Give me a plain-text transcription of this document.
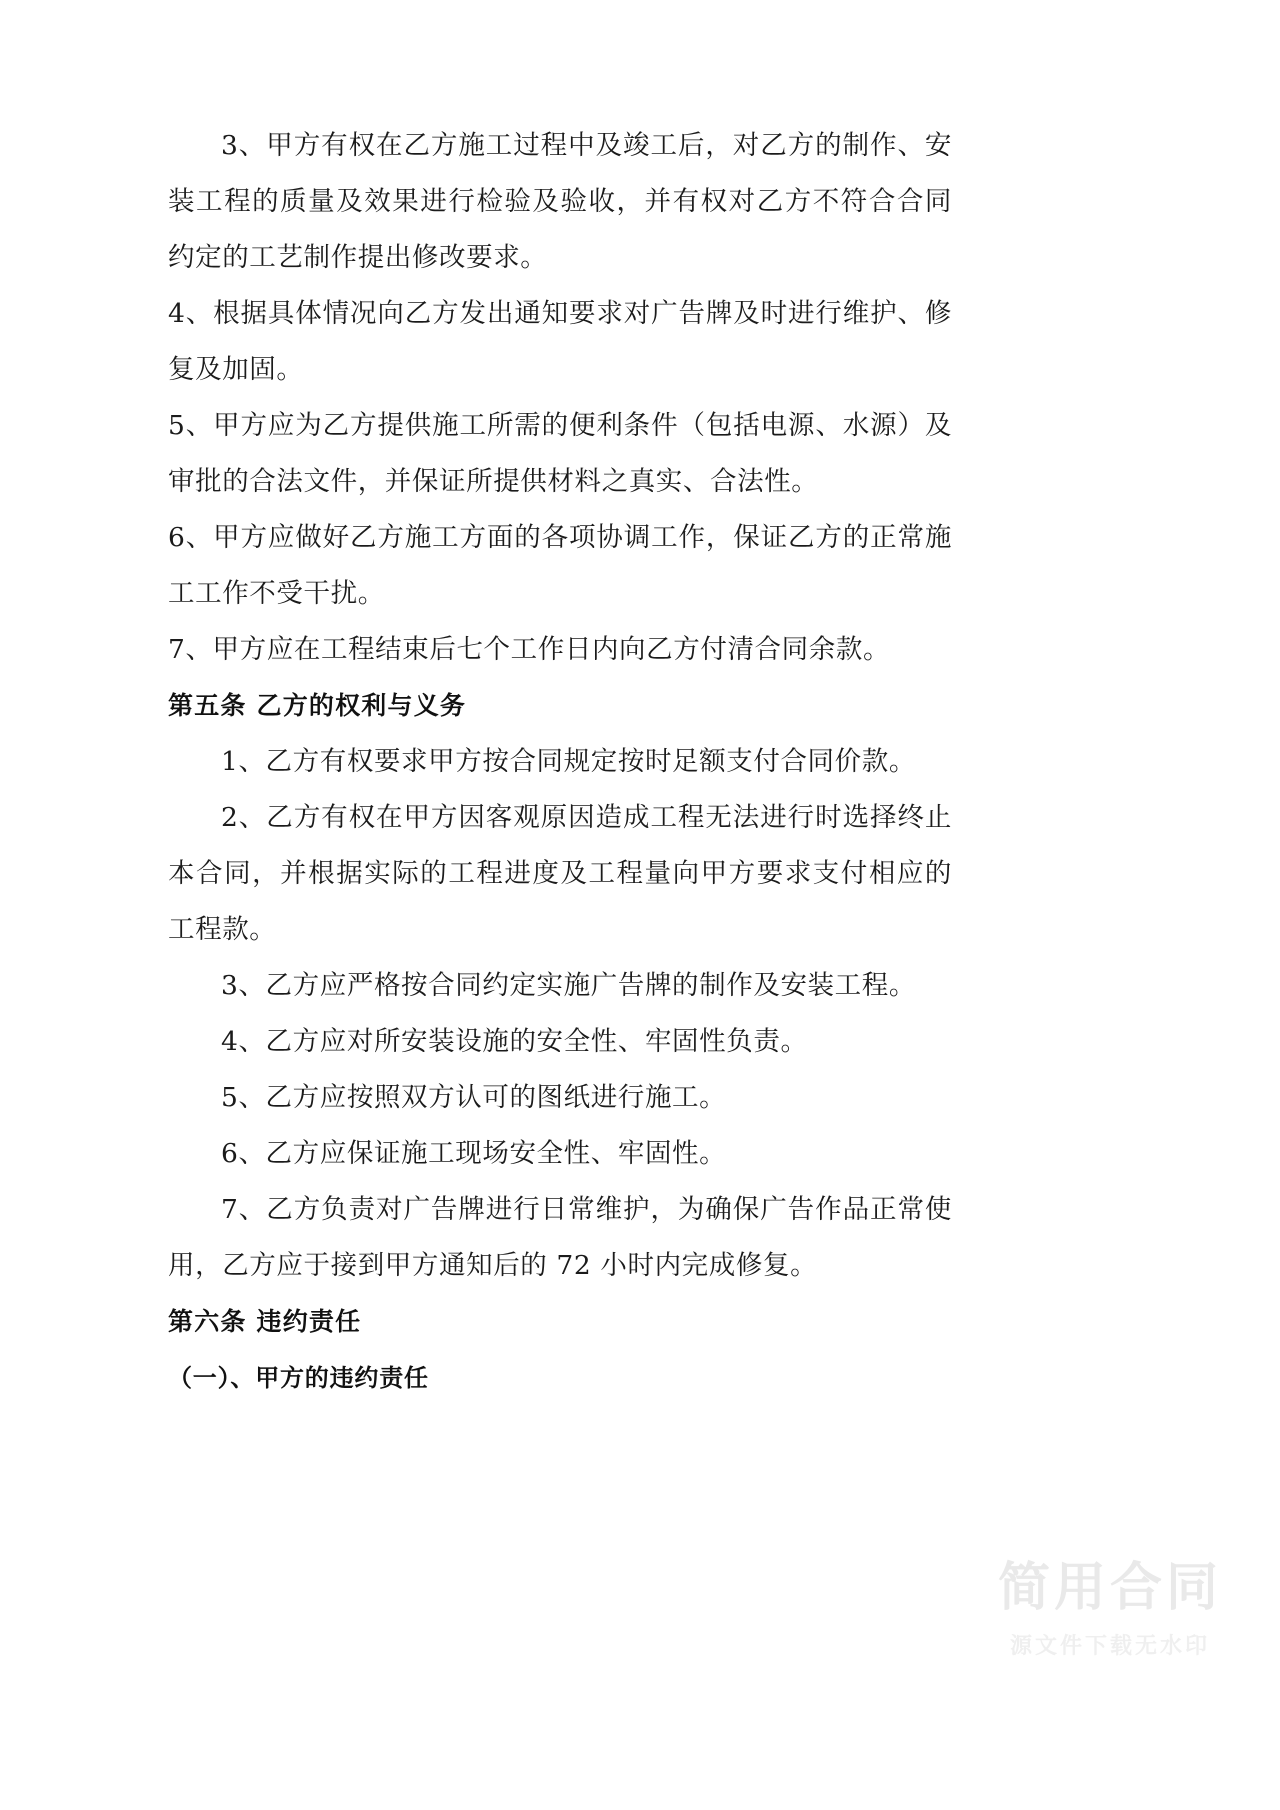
3、甲方有权在乙方施工过程中及竣工后，对乙方的制作、安装工程的质量及效果进行检验及验收，并有权对乙方不符合合同约定的工艺制作提出修改要求。

4、根据具体情况向乙方发出通知要求对广告牌及时进行维护、修复及加固。

5、甲方应为乙方提供施工所需的便利条件（包括电源、水源）及审批的合法文件，并保证所提供材料之真实、合法性。

6、甲方应做好乙方施工方面的各项协调工作，保证乙方的正常施工工作不受干扰。

7、甲方应在工程结束后七个工作日内向乙方付清合同余款。

第五条 乙方的权利与义务

1、乙方有权要求甲方按合同规定按时足额支付合同价款。

2、乙方有权在甲方因客观原因造成工程无法进行时选择终止本合同，并根据实际的工程进度及工程量向甲方要求支付相应的工程款。

3、乙方应严格按合同约定实施广告牌的制作及安装工程。

4、乙方应对所安装设施的安全性、牢固性负责。

5、乙方应按照双方认可的图纸进行施工。

6、乙方应保证施工现场安全性、牢固性。

7、乙方负责对广告牌进行日常维护，为确保广告作品正常使用，乙方应于接到甲方通知后的 72 小时内完成修复。

第六条 违约责任
（一）、甲方的违约责任
简用合同
源文件下载无水印
